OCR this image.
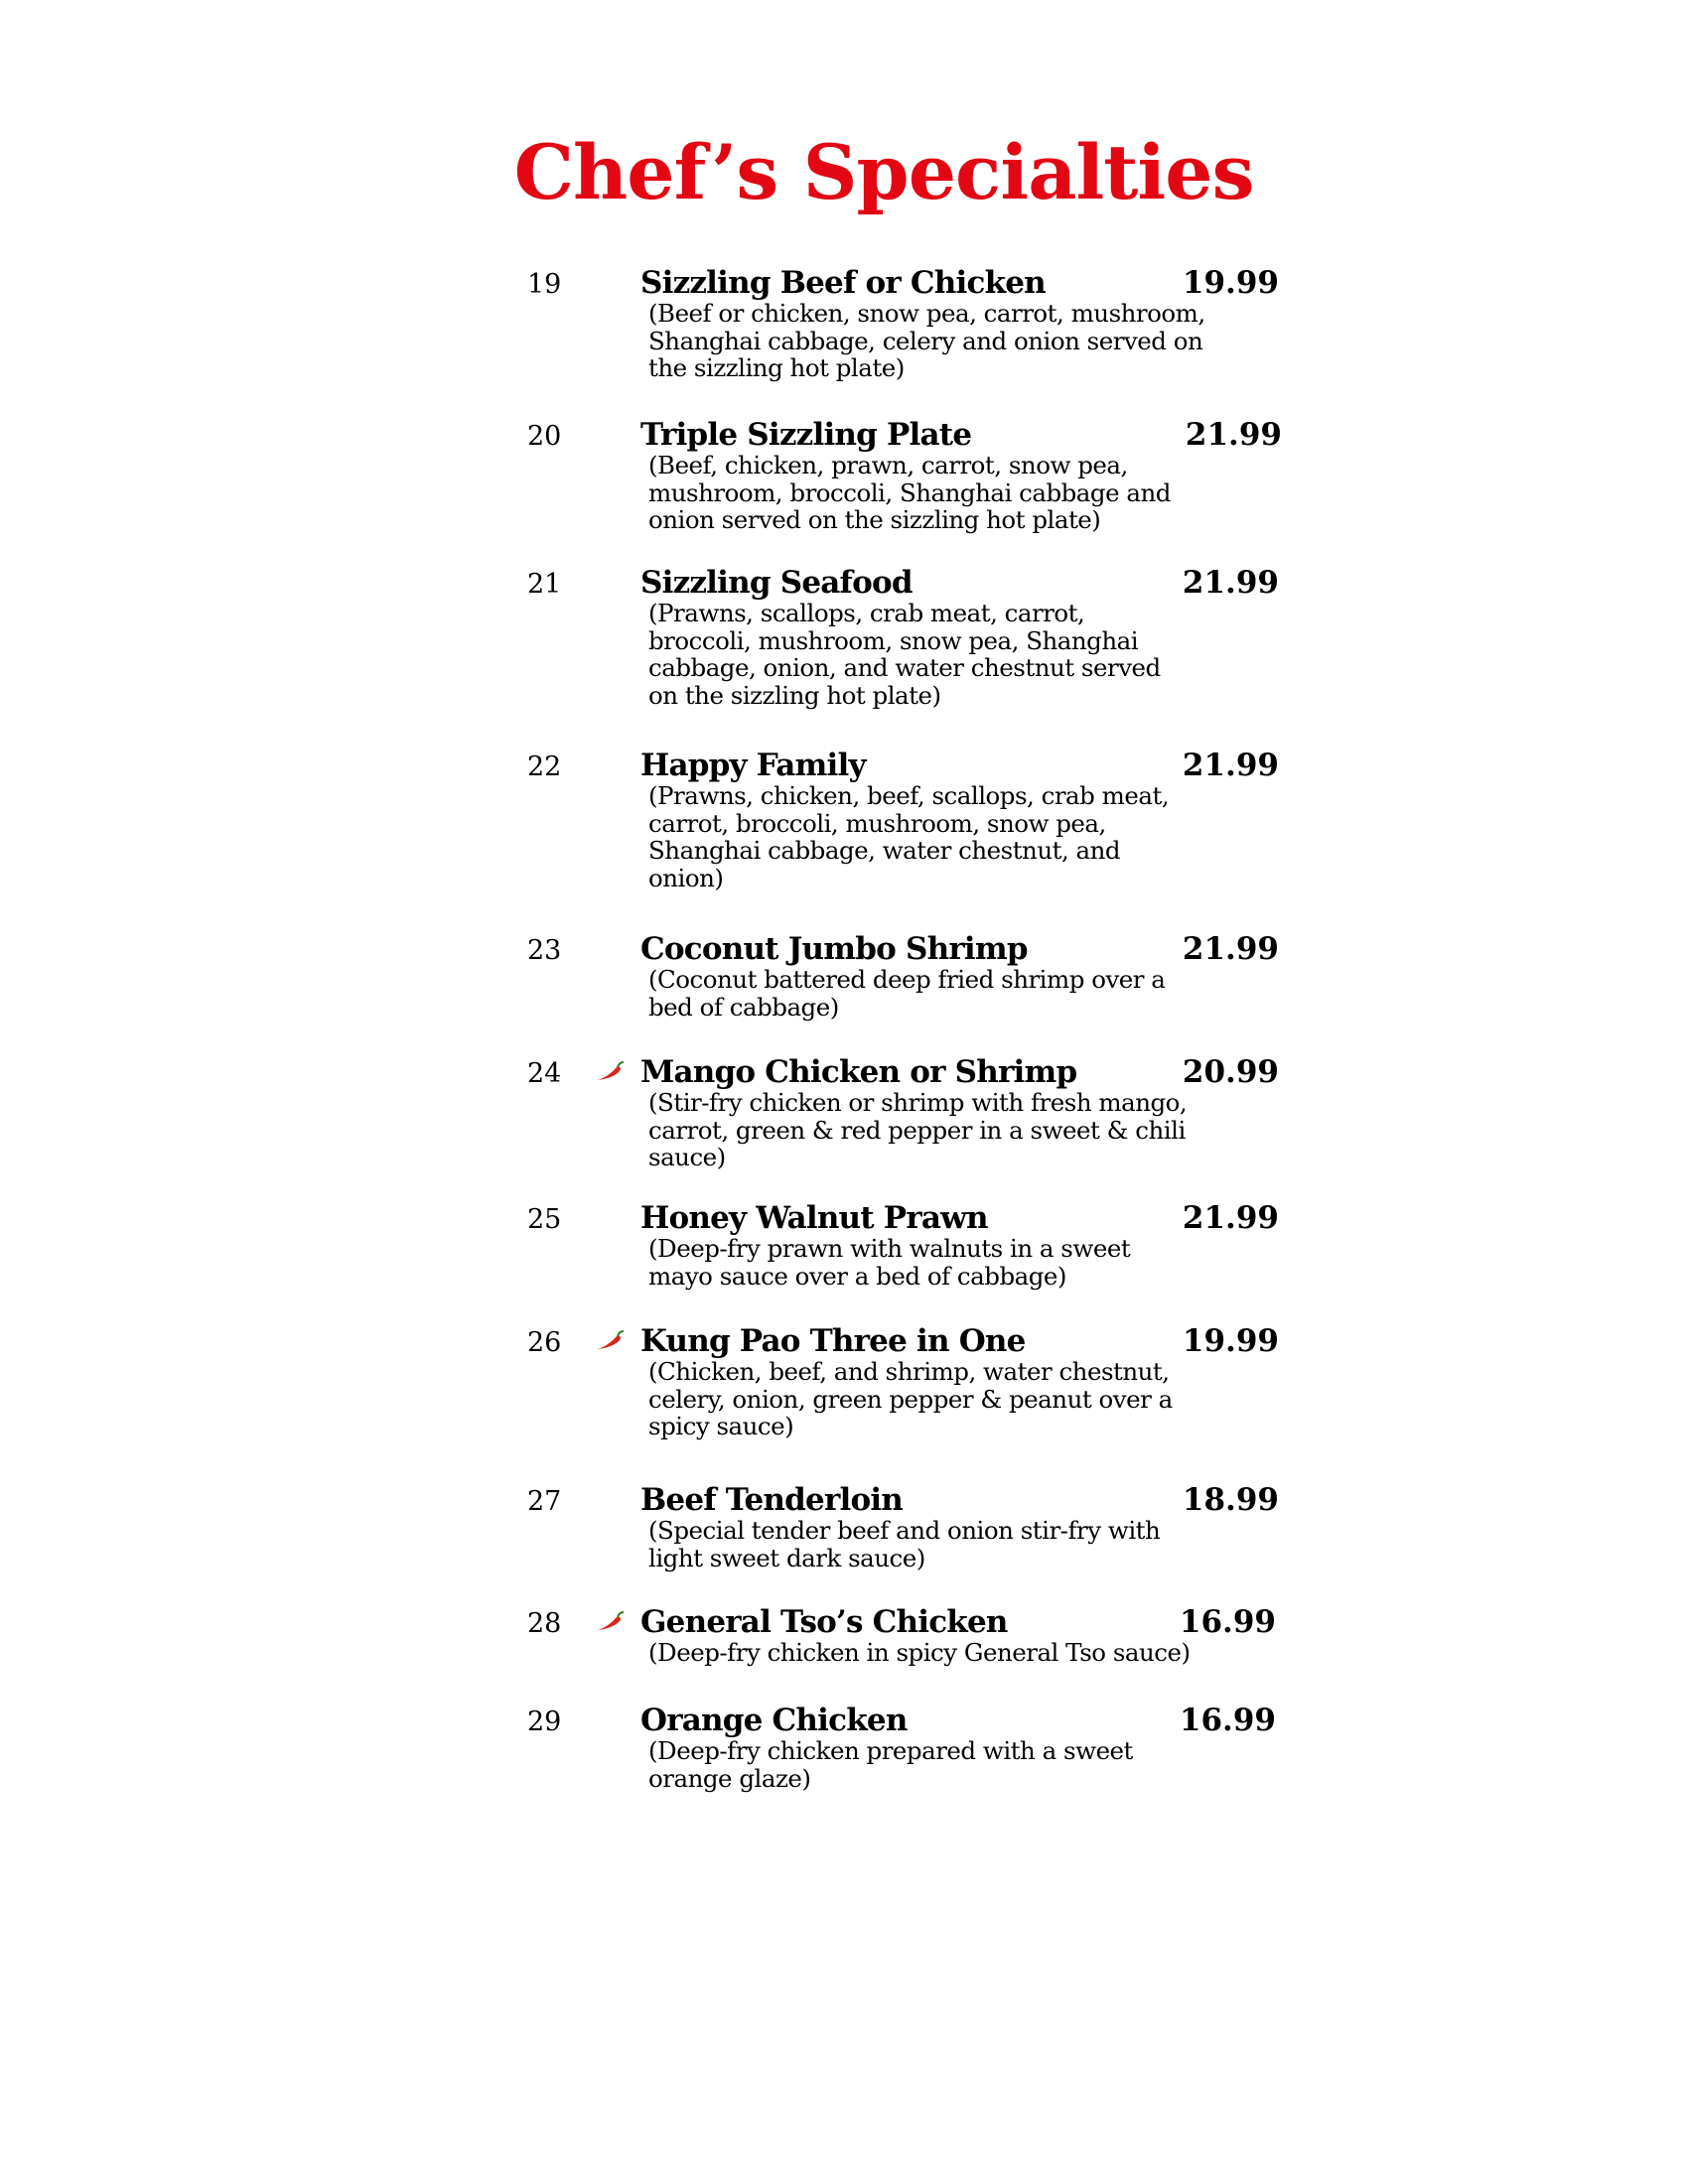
Chef’s Specialties
19	Sizzling Beef or Chicken	19.99
(Beef or chicken, snow pea, carrot, mushroom,
Shanghai cabbage, celery and onion served on
the sizzling hot plate)
20	Triple Sizzling Plate	21.99
(Beef, chicken, prawn, carrot, snow pea,
mushroom, broccoli, Shanghai cabbage and
onion served on the sizzling hot plate)
21	Sizzling Seafood	21.99
(Prawns, scallops, crab meat, carrot,
broccoli, mushroom, snow pea, Shanghai
cabbage, onion, and water chestnut served
on the sizzling hot plate)
22	Happy Family	21.99
(Prawns, chicken, beef, scallops, crab meat,
carrot, broccoli, mushroom, snow pea,
Shanghai cabbage, water chestnut, and
onion)
23	Coconut Jumbo Shrimp	21.99
(Coconut battered deep fried shrimp over a
bed of cabbage)
24	Mango Chicken or Shrimp	20.99
(Stir-fry chicken or shrimp with fresh mango,
carrot, green & red pepper in a sweet & chili
sauce)
25	Honey Walnut Prawn	21.99
(Deep-fry prawn with walnuts in a sweet
mayo sauce over a bed of cabbage)
26	Kung Pao Three in One	19.99
(Chicken, beef, and shrimp, water chestnut,
celery, onion, green pepper & peanut over a
spicy sauce)
27	Beef Tenderloin	18.99
(Special tender beef and onion stir-fry with
light sweet dark sauce)
28	General Tso’s Chicken	16.99
(Deep-fry chicken in spicy General Tso sauce)
29	Orange Chicken	16.99
(Deep-fry chicken prepared with a sweet
orange glaze)
